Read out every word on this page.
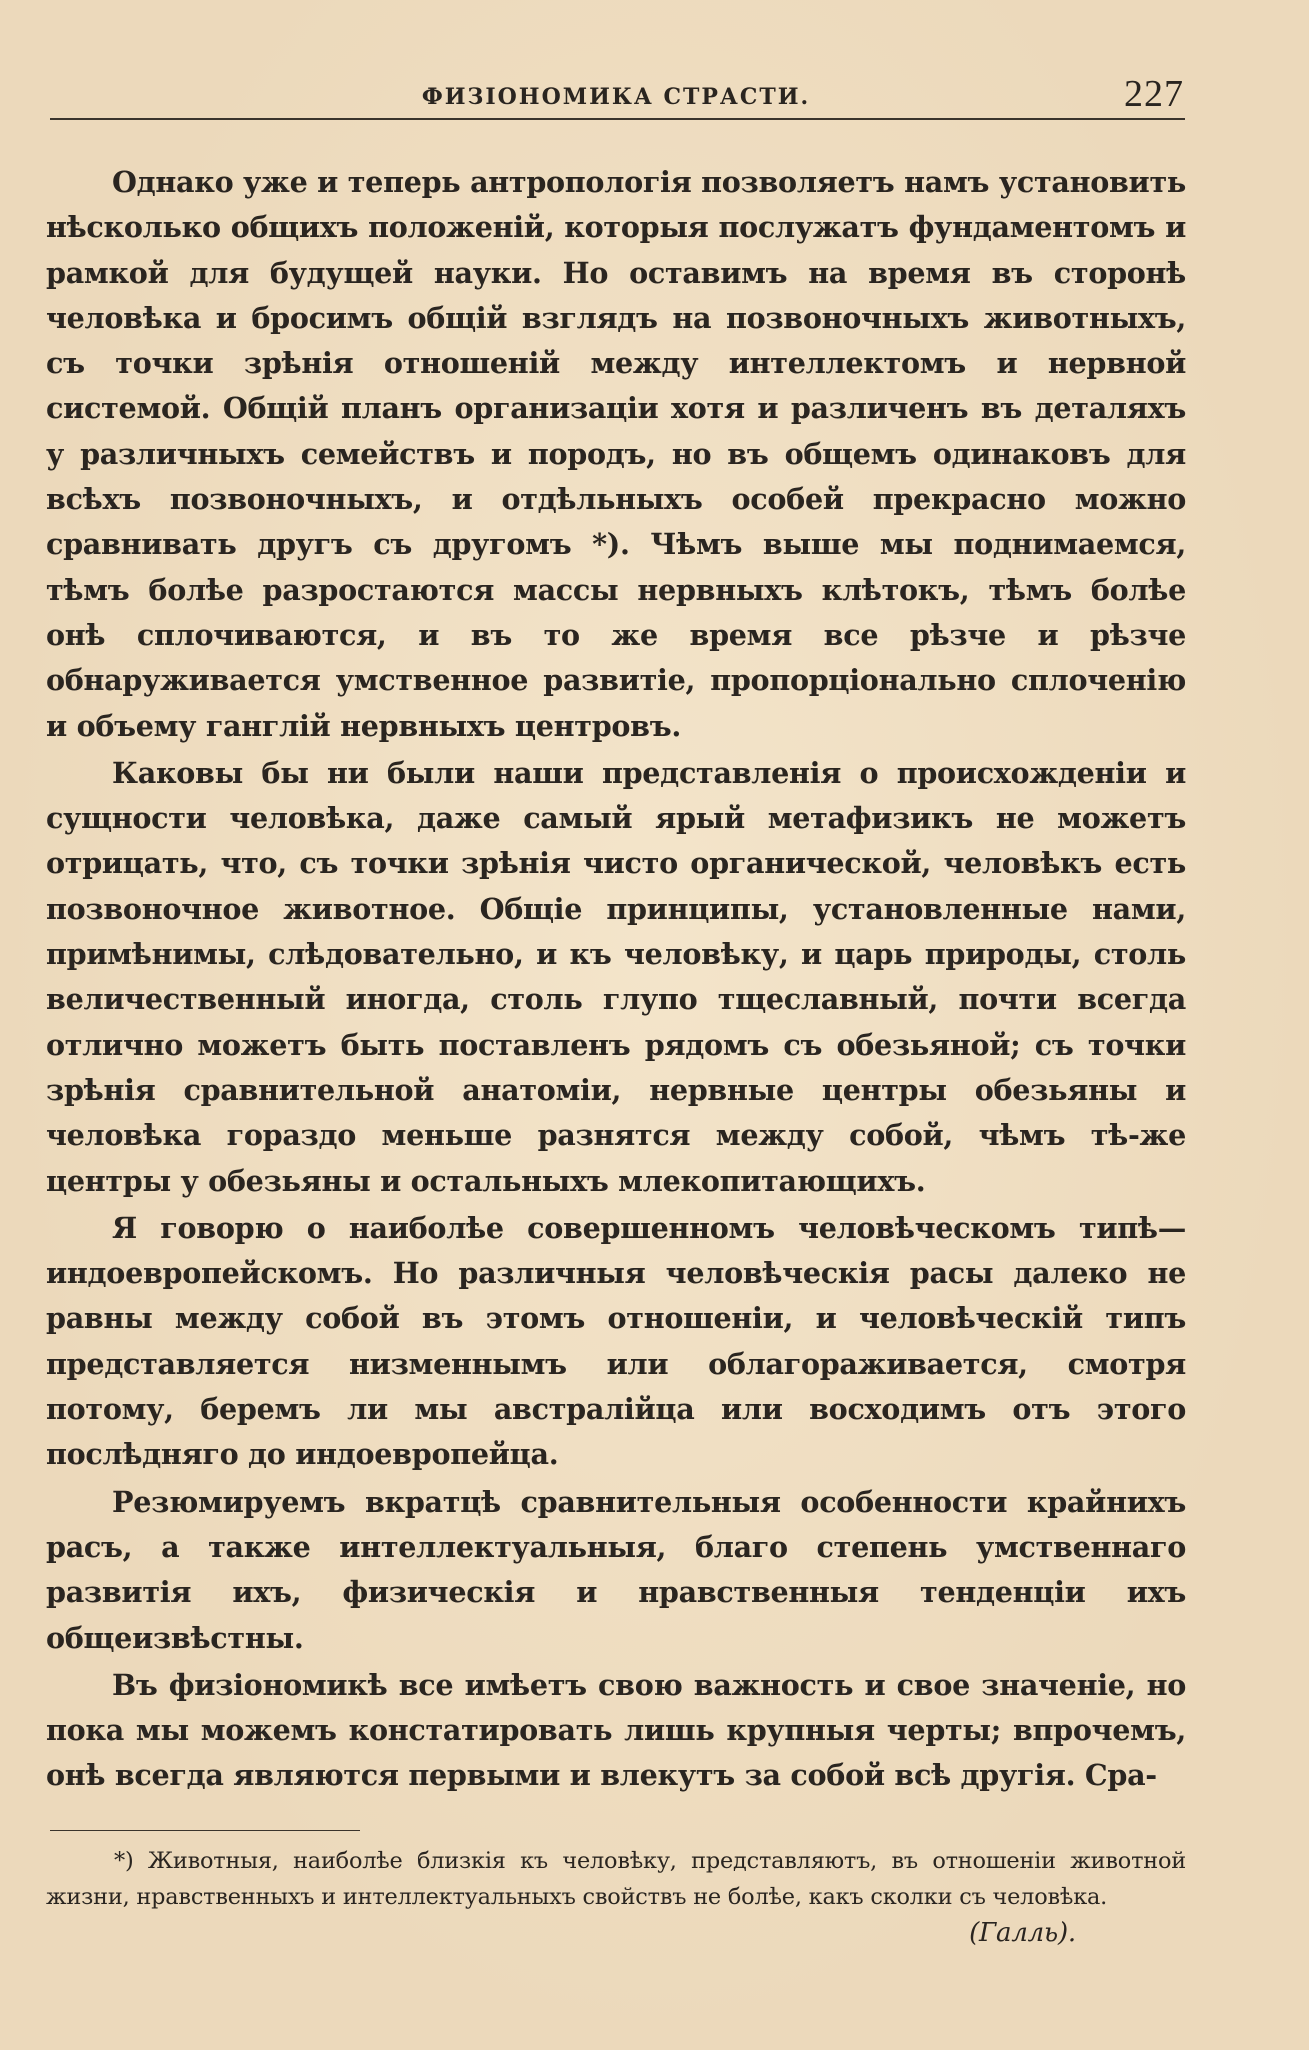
ФИЗІОНОМИКА СТРАСТИ.	227

Однако уже и теперь антропологія позволяетъ намъ установить нѣсколько общихъ положеній, которыя послужатъ фундаментомъ и рамкой для будущей науки. Но оставимъ на время въ сторонѣ человѣка и бросимъ общій взглядъ на позвоночныхъ животныхъ, съ точки зрѣнія отношеній между интеллектомъ и нервной системой. Общій планъ организаціи хотя и различенъ въ деталяхъ у различныхъ семействъ и породъ, но въ общемъ одинаковъ для всѣхъ позвоночныхъ, и отдѣльныхъ особей прекрасно можно сравнивать другъ съ другомъ *). Чѣмъ выше мы поднимаемся, тѣмъ болѣе разростаются массы нервныхъ клѣтокъ, тѣмъ болѣе онѣ сплочиваются, и въ то же время все рѣзче и рѣзче обнаруживается умственное развитіе, пропорціонально сплоченію и объему ганглій нервныхъ центровъ.

Каковы бы ни были наши представленія о происхожденіи и сущности человѣка, даже самый ярый метафизикъ не можетъ отрицать, что, съ точки зрѣнія чисто органической, человѣкъ есть позвоночное животное. Общіе принципы, установленные нами, примѣнимы, слѣдовательно, и къ человѣку, и царь природы, столь величественный иногда, столь глупо тщеславный, почти всегда отлично можетъ быть поставленъ рядомъ съ обезьяной; съ точки зрѣнія сравнительной анатоміи, нервные центры обезьяны и человѣка гораздо меньше разнятся между собой, чѣмъ тѣ-же центры у обезьяны и остальныхъ млекопитающихъ.

Я говорю о наиболѣе совершенномъ человѣческомъ типѣ—индоевропейскомъ. Но различныя человѣческія расы далеко не равны между собой въ этомъ отношеніи, и человѣческій типъ представляется низменнымъ или облагораживается, смотря потому, беремъ ли мы австралійца или восходимъ отъ этого послѣдняго до индоевропейца.

Резюмируемъ вкратцѣ сравнительныя особенности крайнихъ расъ, а также интеллектуальныя, благо степень умственнаго развитія ихъ, физическія и нравственныя тенденціи ихъ общеизвѣстны.

Въ физіономикѣ все имѣетъ свою важность и свое значеніе, но пока мы можемъ констатировать лишь крупныя черты; впрочемъ, онѣ всегда являются первыми и влекутъ за собой всѣ другія. Сра-

*) Животныя, наиболѣе близкія къ человѣку, представляютъ, въ отношеніи животной жизни, нравственныхъ и интеллектуальныхъ свойствъ не болѣе, какъ сколки съ человѣка.

(Галль).
